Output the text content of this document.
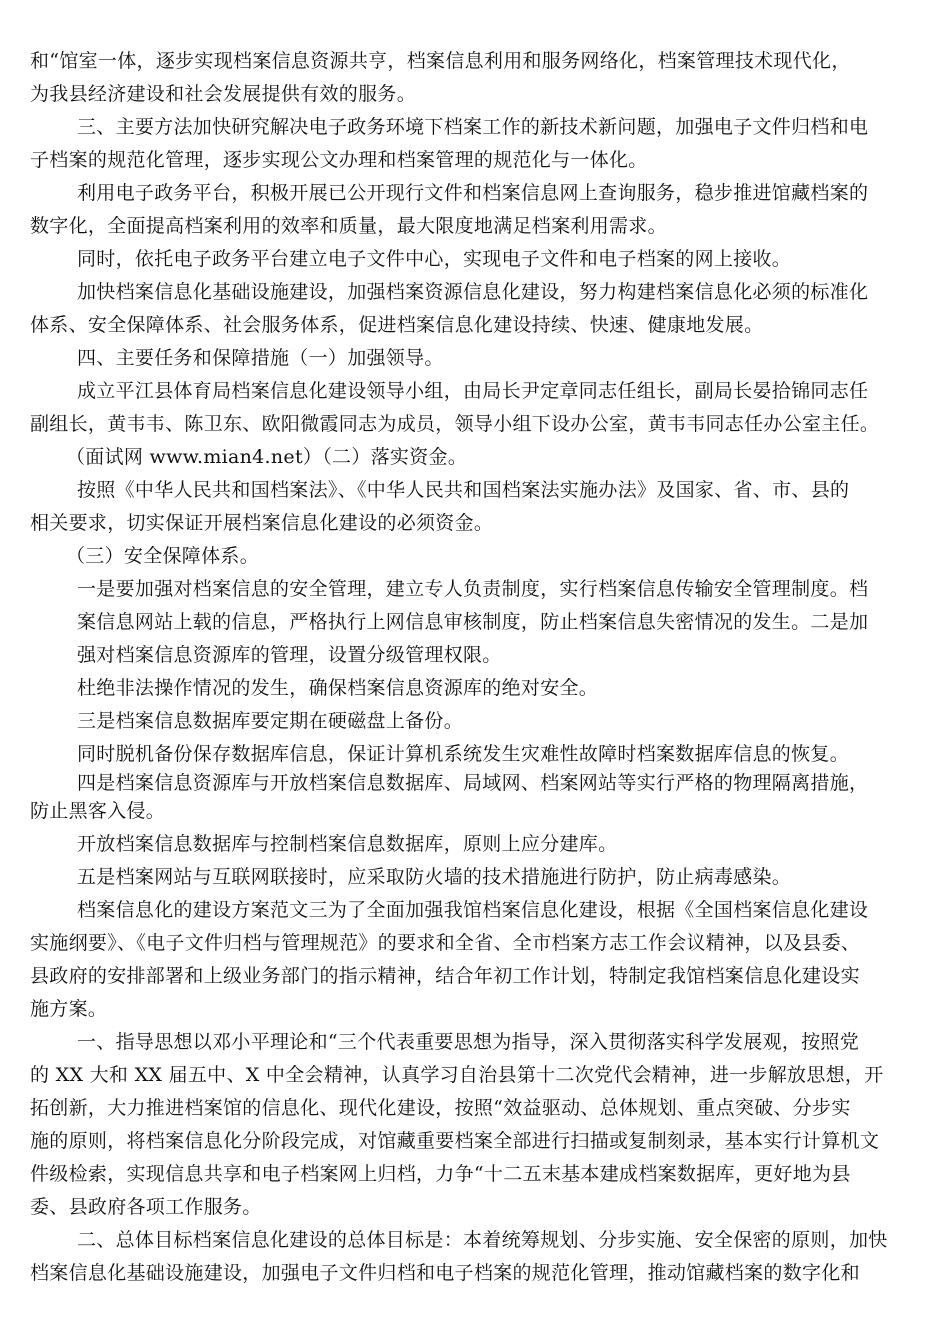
和“馆室一体，逐步实现档案信息资源共亨，档案信息利用和服务网络化，档案管理技术现代化，
为我县经济建设和社会发展提供有效的服务。
三、主要方法加快研究解决电子政务环境下档案工作的新技术新问题，加强电子文件归档和电
子档案的规范化管理，逐步实现公文办理和档案管理的规范化与一体化。
利用电子政务平台，积极开展已公开现行文件和档案信息网上查询服务，稳步推进馆藏档案的
数字化，全面提高档案利用的效率和质量，最大限度地满足档案利用需求。
同时，依托电子政务平台建立电子文件中心，实现电子文件和电子档案的网上接收。
加快档案信息化基础设施建设，加强档案资源信息化建设，努力构建档案信息化必须的标准化
体系、安全保障体系、社会服务体系，促进档案信息化建设持续、快速、健康地发展。
四、主要任务和保障措施（一）加强领导。
成立平江县体育局档案信息化建设领导小组，由局长尹定章同志任组长，副局长晏拾锦同志任
副组长，黄韦韦、陈卫东、欧阳微霞同志为成员，领导小组下设办公室，黄韦韦同志任办公室主任。
（面试网 www.mian4.net）（二）落实资金。
按照《中华人民共和国档案法》、《中华人民共和国档案法实施办法》及国家、省、市、县的
相关要求，切实保证开展档案信息化建设的必须资金。
（三）安全保障体系。
一是要加强对档案信息的安全管理，建立专人负责制度，实行档案信息传输安全管理制度。档
案信息网站上载的信息，严格执行上网信息审核制度，防止档案信息失密情况的发生。二是加
强对档案信息资源库的管理，设置分级管理权限。
杜绝非法操作情况的发生，确保档案信息资源库的绝对安全。
三是档案信息数据库要定期在硬磁盘上备份。
同时脱机备份保存数据库信息，保证计算机系统发生灾难性故障时档案数据库信息的恢复。
四是档案信息资源库与开放档案信息数据库、局域网、档案网站等实行严格的物理隔离措施，
防止黑客入侵。
开放档案信息数据库与控制档案信息数据库，原则上应分建库。
五是档案网站与互联网联接时，应采取防火墙的技术措施进行防护，防止病毒感染。
档案信息化的建设方案范文三为了全面加强我馆档案信息化建设，根据《全国档案信息化建设
实施纲要》、《电子文件归档与管理规范》的要求和全省、全市档案方志工作会议精神，以及县委、
县政府的安排部署和上级业务部门的指示精神，结合年初工作计划，特制定我馆档案信息化建设实
施方案。
一、指导思想以邓小平理论和“三个代表重要思想为指导，深入贯彻落实科学发展观，按照党
的 XX 大和 XX 届五中、X 中全会精神，认真学习自治县第十二次党代会精神，进一步解放思想，开
拓创新，大力推进档案馆的信息化、现代化建设，按照“效益驱动、总体规划、重点突破、分步实
施的原则，将档案信息化分阶段完成，对馆藏重要档案全部进行扫描或复制刻录，基本实行计算机文
件级检索，实现信息共享和电子档案网上归档，力争“十二五末基本建成档案数据库，更好地为县
委、县政府各项工作服务。
二、总体目标档案信息化建设的总体目标是：本着统筹规划、分步实施、安全保密的原则，加快
档案信息化基础设施建设，加强电子文件归档和电子档案的规范化管理，推动馆藏档案的数字化和
